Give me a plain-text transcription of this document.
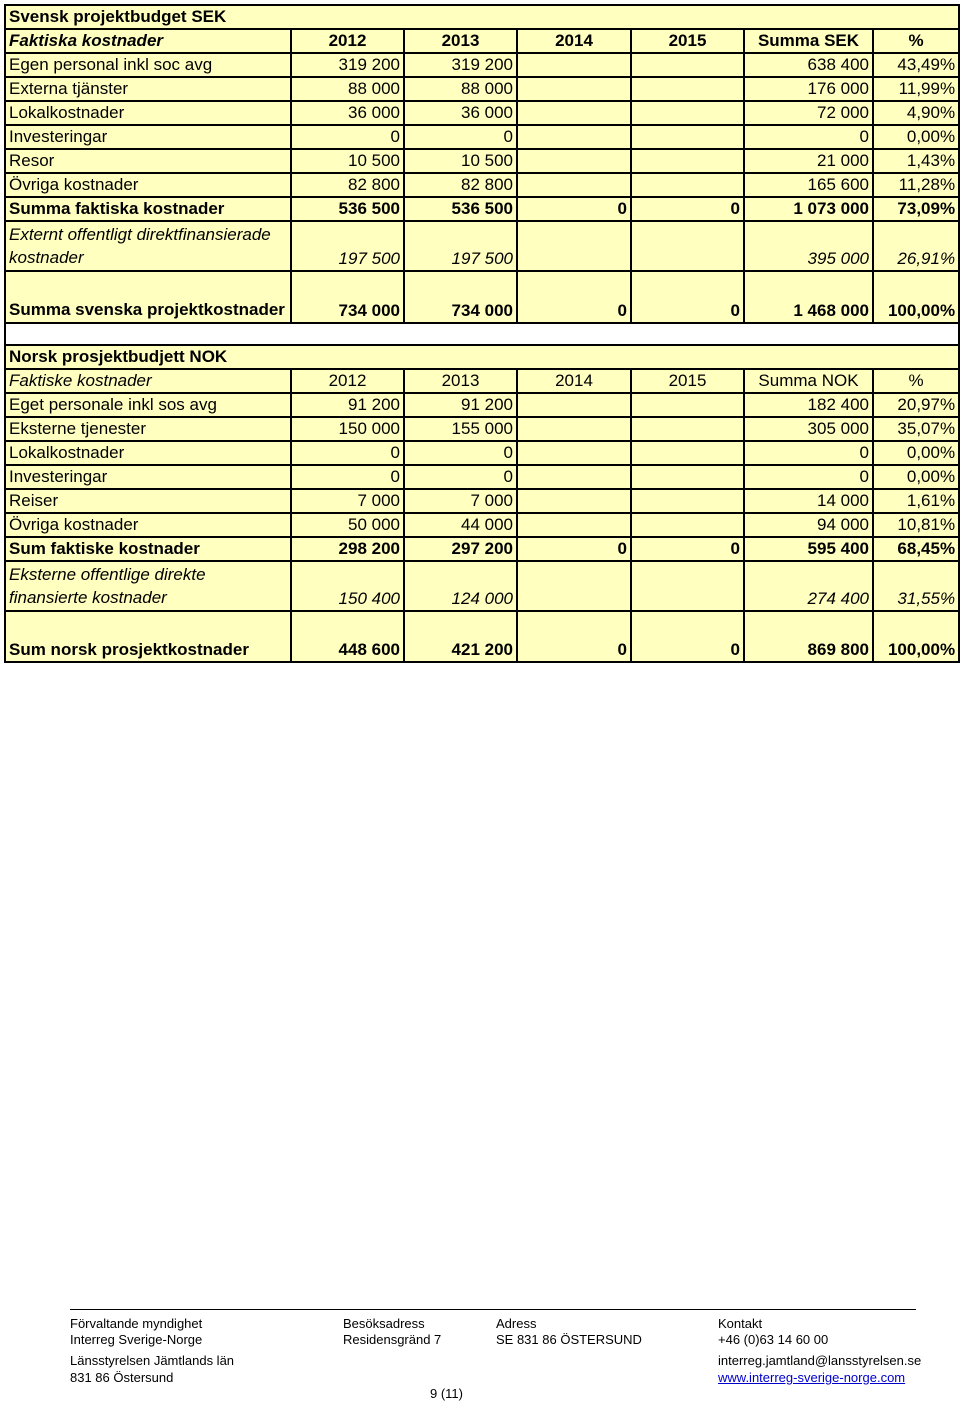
Svensk projektbudget SEK						
Faktiska kostnader	2012	2013	2014	2015	Summa SEK	%
Egen personal inkl soc avg	319 200	319 200			638 400	43,49%
Externa tjänster	88 000	88 000			176 000	11,99%
Lokalkostnader	36 000	36 000			72 000	4,90%
Investeringar	0	0			0	0,00%
Resor	10 500	10 500			21 000	1,43%
Övriga kostnader	82 800	82 800			165 600	11,28%
Summa faktiska kostnader	536 500	536 500	0	0	1 073 000	73,09%
Externt offentligt direktfinansierade kostnader	197 500	197 500			395 000	26,91%
Summa svenska projektkostnader	734 000	734 000	0	0	1 468 000	100,00%

Norsk prosjektbudjett NOK						
Faktiske kostnader	2012	2013	2014	2015	Summa NOK	%
Eget personale inkl sos avg	91 200	91 200			182 400	20,97%
Eksterne tjenester	150 000	155 000			305 000	35,07%
Lokalkostnader	0	0			0	0,00%
Investeringar	0	0			0	0,00%
Reiser	7 000	7 000			14 000	1,61%
Övriga kostnader	50 000	44 000			94 000	10,81%
Sum faktiske kostnader	298 200	297 200	0	0	595 400	68,45%
Eksterne offentlige direkte finansierte kostnader	150 400	124 000			274 400	31,55%
Sum norsk prosjektkostnader	448 600	421 200	0	0	869 800	100,00%
Förvaltande myndighet
Interreg Sverige-Norge
Länsstyrelsen Jämtlands län
831 86 Östersund
Besöksadress
Residensgränd 7
Adress
SE 831 86 ÖSTERSUND
Kontakt
+46 (0)63 14 60 00
interreg.jamtland@lansstyrelsen.se
www.interreg-sverige-norge.com
9 (11)
